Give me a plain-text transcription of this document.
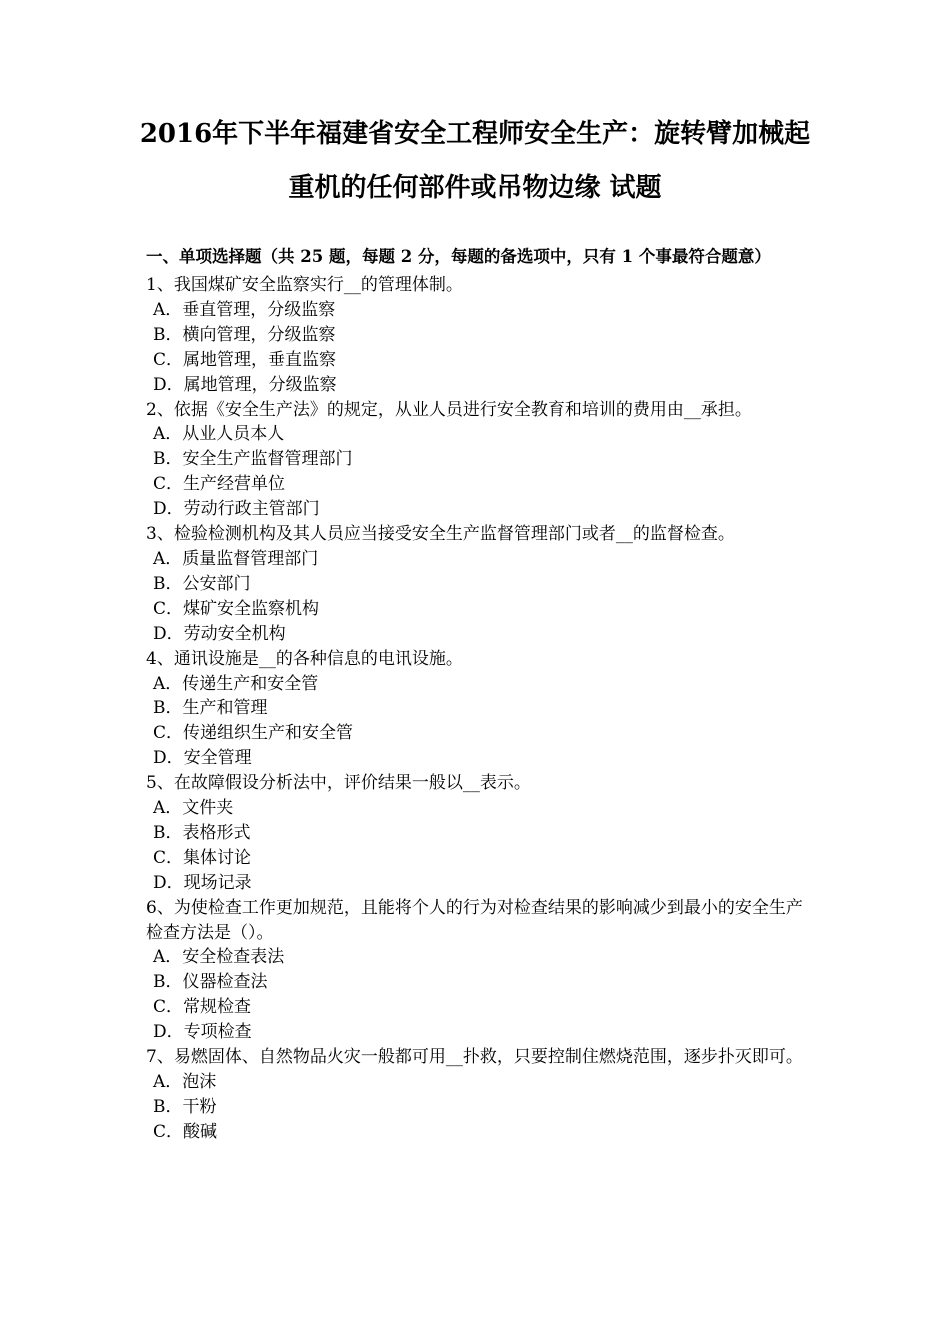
2016年下半年福建省安全工程师安全生产：旋转臂加械起
重机的任何部件或吊物边缘 试题
一、单项选择题（共 25 题，每题 2 分，每题的备选项中，只有 1 个事最符合题意）
1、我国煤矿安全监察实行__的管理体制。
A．垂直管理，分级监察
B．横向管理，分级监察
C．属地管理，垂直监察
D．属地管理，分级监察
2、依据《安全生产法》的规定，从业人员进行安全教育和培训的费用由__承担。
A．从业人员本人
B．安全生产监督管理部门
C．生产经营单位
D．劳动行政主管部门
3、检验检测机构及其人员应当接受安全生产监督管理部门或者__的监督检查。
A．质量监督管理部门
B．公安部门
C．煤矿安全监察机构
D．劳动安全机构
4、通讯设施是__的各种信息的电讯设施。
A．传递生产和安全管
B．生产和管理
C．传递组织生产和安全管
D．安全管理
5、在故障假设分析法中，评价结果一般以__表示。
A．文件夹
B．表格形式
C．集体讨论
D．现场记录
6、为使检查工作更加规范，且能将个人的行为对检查结果的影响减少到最小的安全生产检查方法是（）。
A．安全检查表法
B．仪器检查法
C．常规检查
D．专项检查
7、易燃固体、自然物品火灾一般都可用__扑救，只要控制住燃烧范围，逐步扑灭即可。
A．泡沫
B．干粉
C．酸碱
